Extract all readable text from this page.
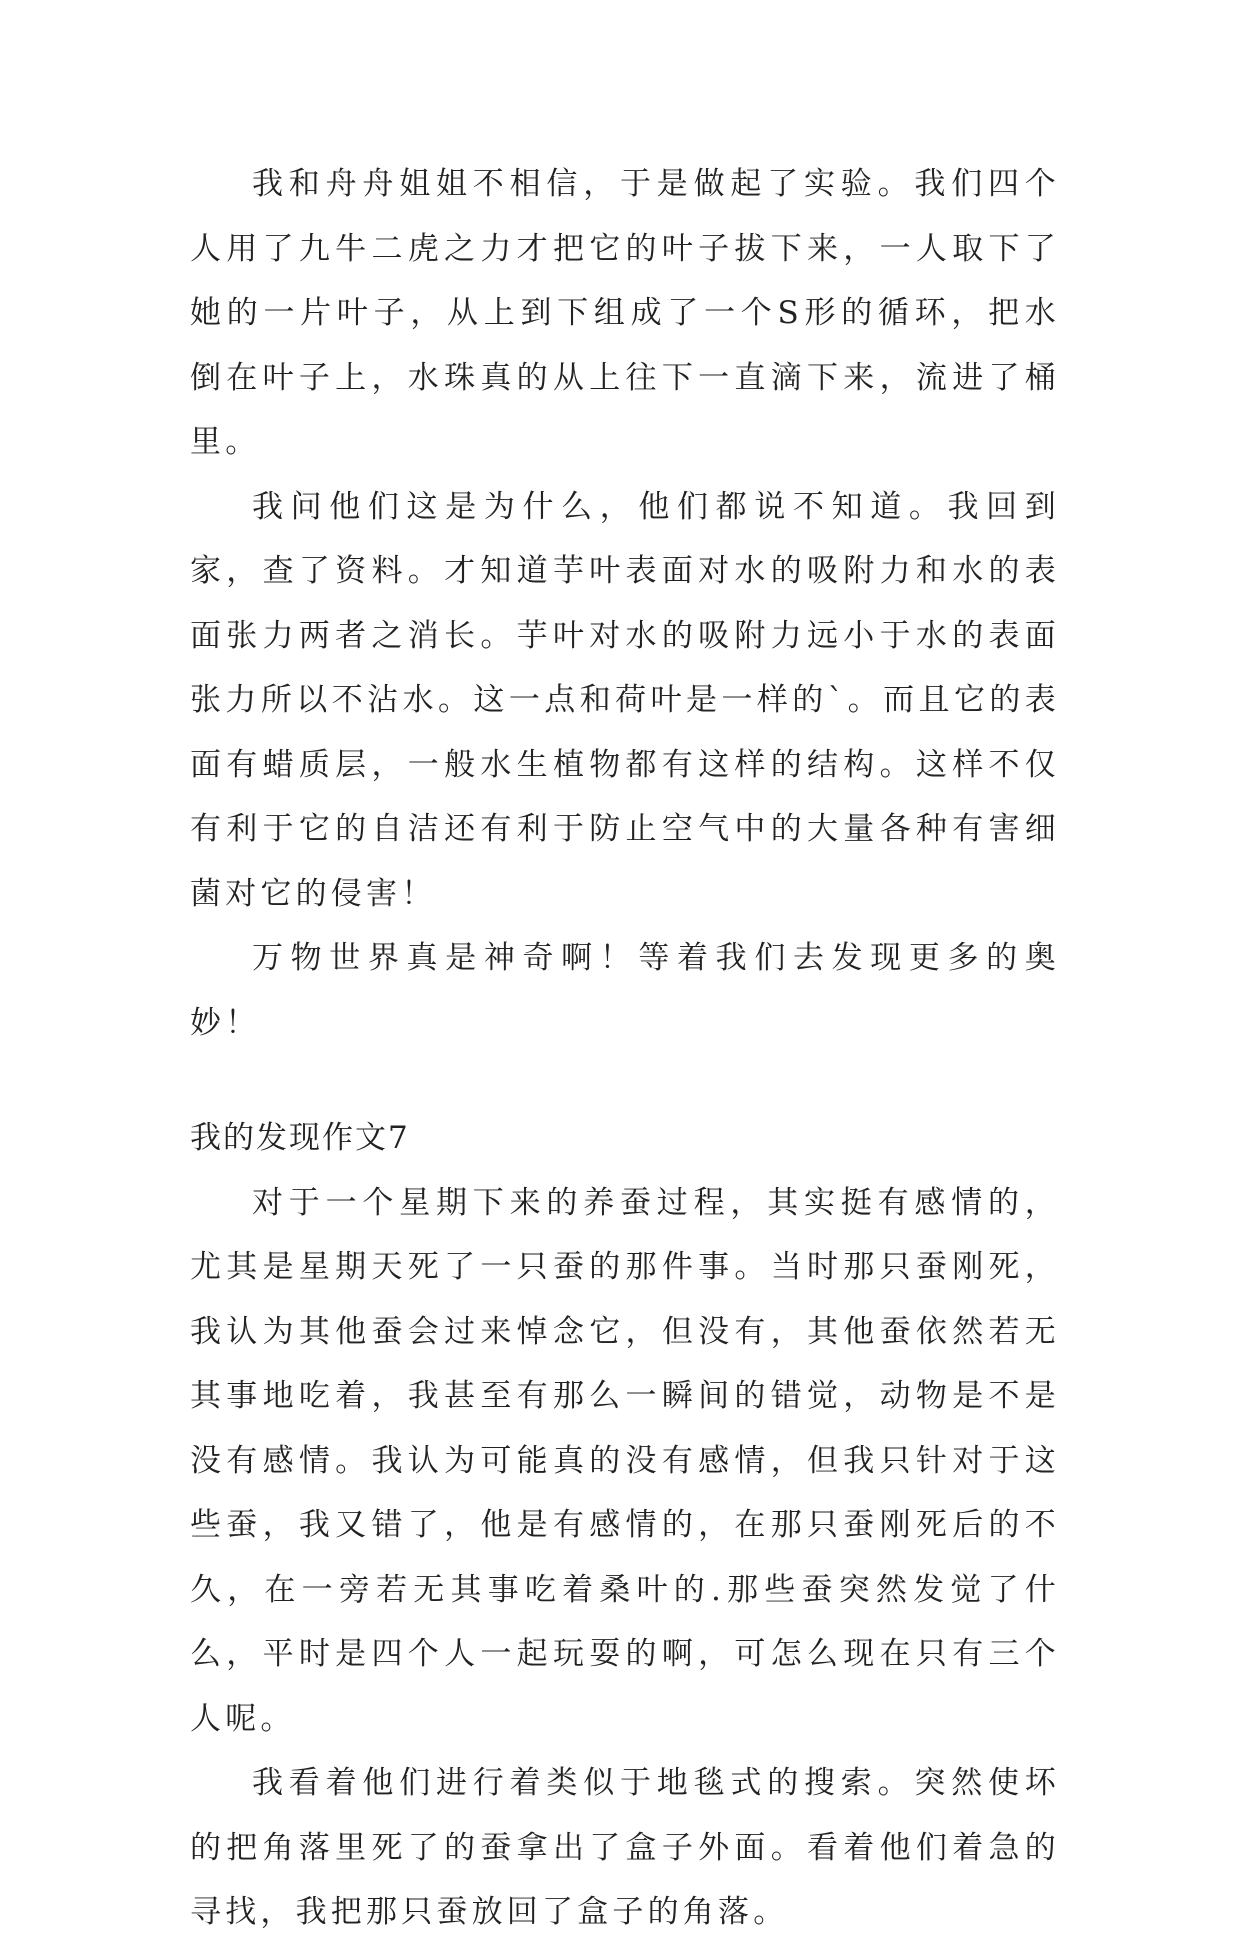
我和舟舟姐姐不相信，于是做起了实验。我们四个人用了九牛二虎之力才把它的叶子拔下来，一人取下了她的一片叶子，从上到下组成了一个S形的循环，把水倒在叶子上，水珠真的从上往下一直滴下来，流进了桶里。

我问他们这是为什么，他们都说不知道。我回到家，查了资料。才知道芋叶表面对水的吸附力和水的表面张力两者之消长。芋叶对水的吸附力远小于水的表面张力所以不沾水。这一点和荷叶是一样的`。而且它的表面有蜡质层，一般水生植物都有这样的结构。这样不仅有利于它的自洁还有利于防止空气中的大量各种有害细菌对它的侵害！

万物世界真是神奇啊！等着我们去发现更多的奥妙！

我的发现作文7

对于一个星期下来的养蚕过程，其实挺有感情的，尤其是星期天死了一只蚕的那件事。当时那只蚕刚死，我认为其他蚕会过来悼念它，但没有，其他蚕依然若无其事地吃着，我甚至有那么一瞬间的错觉，动物是不是没有感情。我认为可能真的没有感情，但我只针对于这些蚕，我又错了，他是有感情的，在那只蚕刚死后的不久，在一旁若无其事吃着桑叶的.那些蚕突然发觉了什么，平时是四个人一起玩耍的啊，可怎么现在只有三个人呢。

我看着他们进行着类似于地毯式的搜索。突然使坏的把角落里死了的蚕拿出了盒子外面。看着他们着急的寻找，我把那只蚕放回了盒子的角落。
